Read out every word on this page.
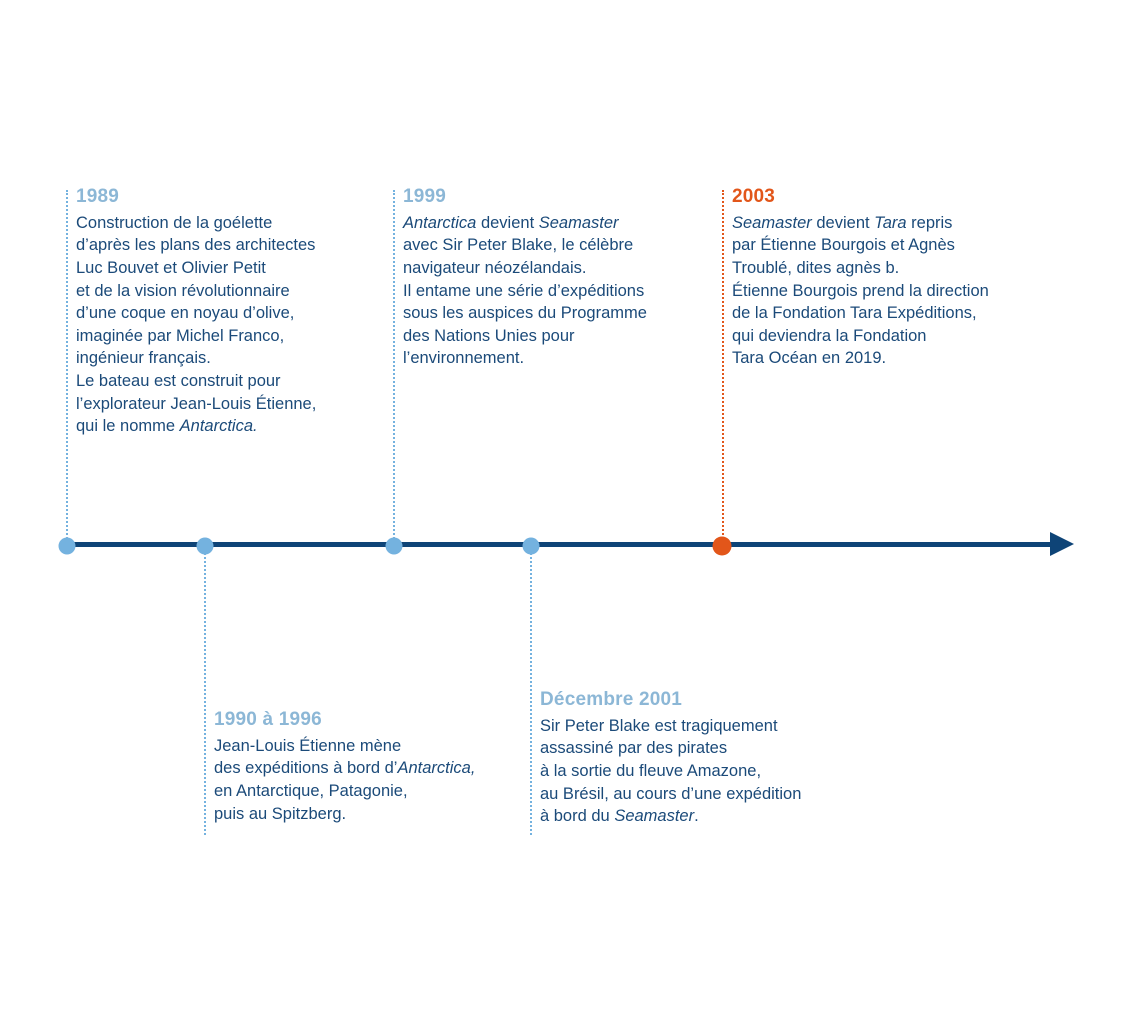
1989
Construction de la goélette
d’après les plans des architectes
Luc Bouvet et Olivier Petit
et de la vision révolutionnaire
d’une coque en noyau d’olive,
imaginée par Michel Franco,
ingénieur français.
Le bateau est construit pour
l’explorateur Jean-Louis Étienne,
qui le nomme Antarctica.
1999
Antarctica devient Seamaster
avec Sir Peter Blake, le célèbre
navigateur néozélandais.
Il entame une série d’expéditions
sous les auspices du Programme
des Nations Unies pour
l’environnement.
2003
Seamaster devient Tara repris
par Étienne Bourgois et Agnès
Troublé, dites agnès b.
Étienne Bourgois prend la direction
de la Fondation Tara Expéditions,
qui deviendra la Fondation
Tara Océan en 2019.
1990 à 1996
Jean-Louis Étienne mène
des expéditions à bord d’Antarctica,
en Antarctique, Patagonie,
puis au Spitzberg.
Décembre 2001
Sir Peter Blake est tragiquement
assassiné par des pirates
à la sortie du fleuve Amazone,
au Brésil, au cours d’une expédition
à bord du Seamaster.
